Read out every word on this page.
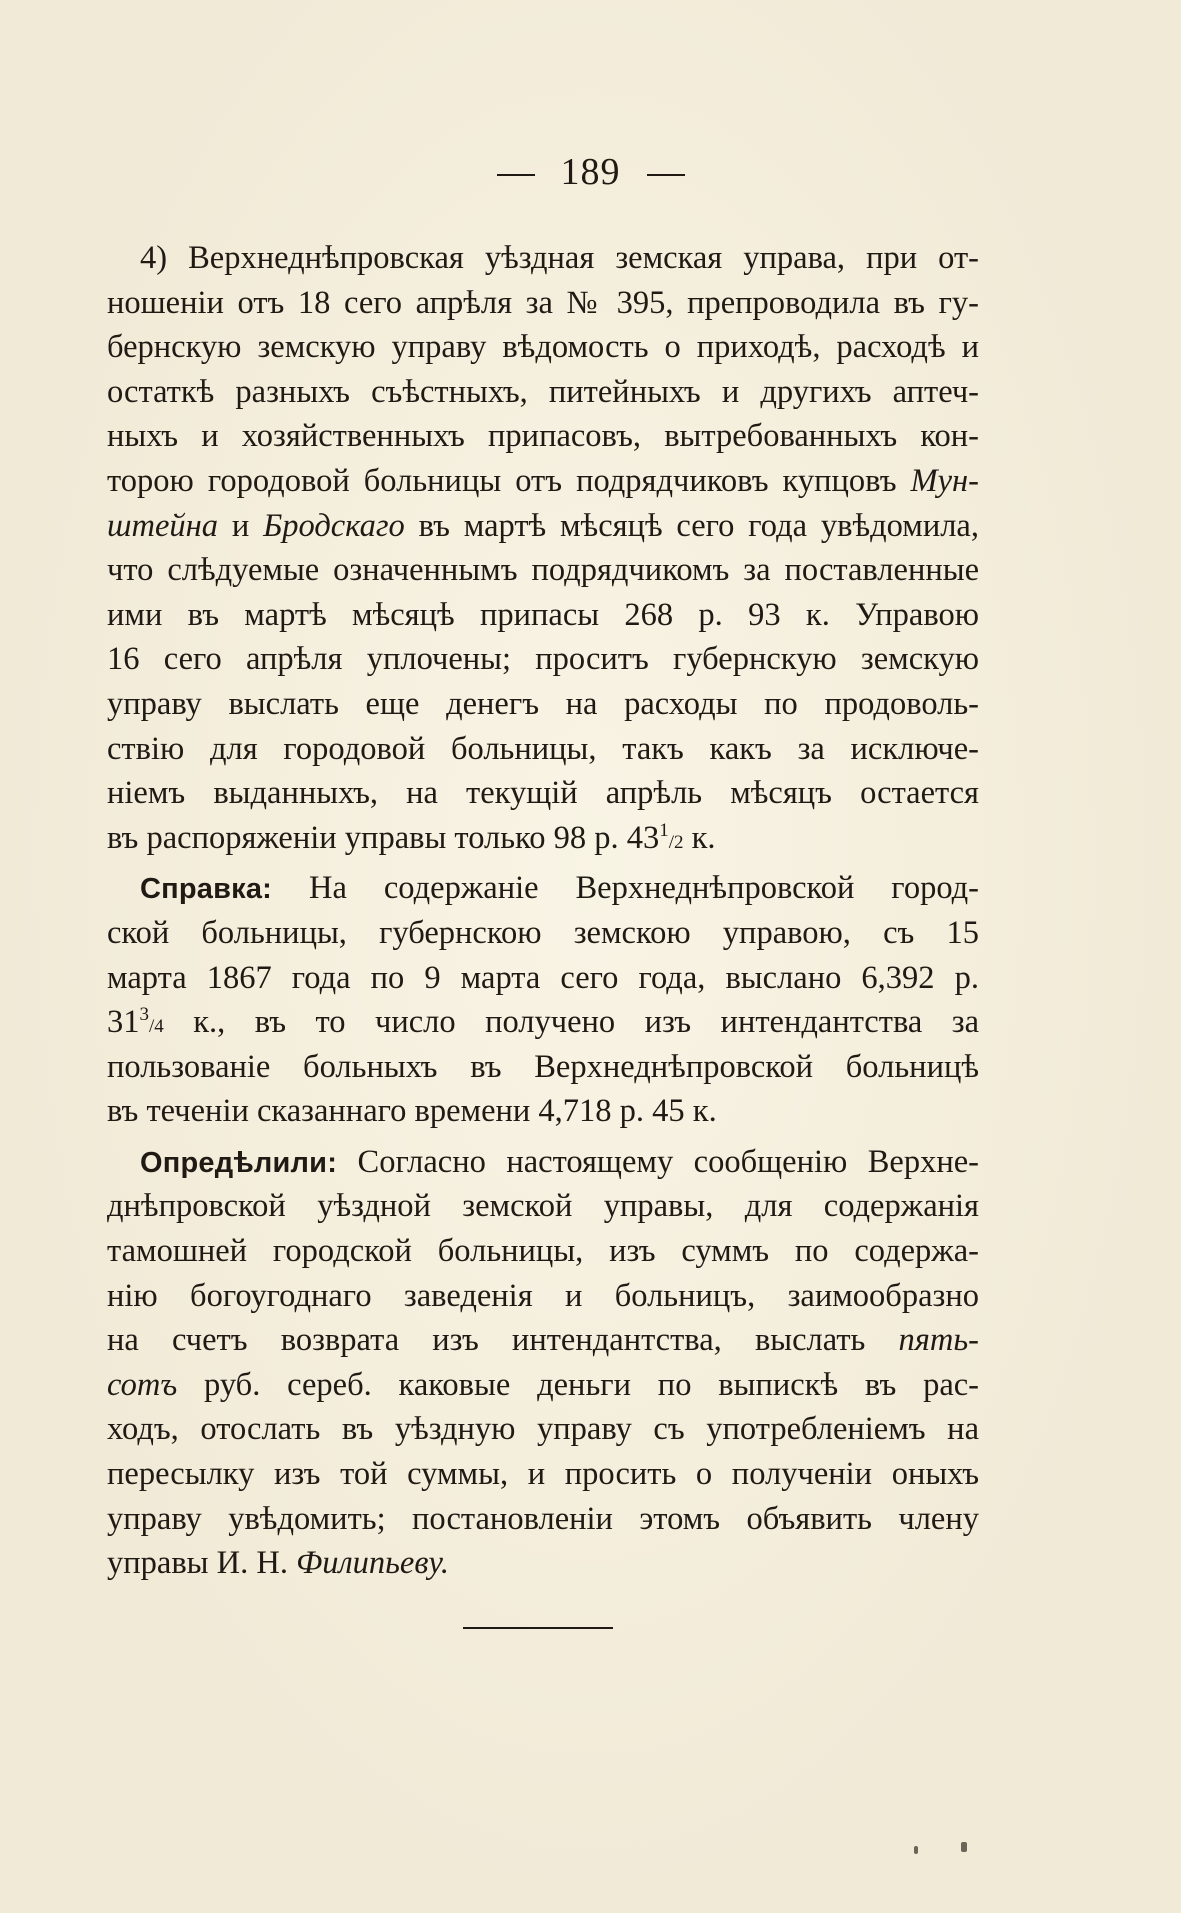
189
4) Верхнеднѣпровская уѣздная земская управа, при от-
ношенiи отъ 18 сего апрѣля за № 395, препроводила въ гу-
бернскую земскую управу вѣдомость о приходѣ, расходѣ и
остаткѣ разныхъ съѣстныхъ, питейныхъ и другихъ аптеч-
ныхъ и хозяйственныхъ припасовъ, вытребованныхъ кон-
торою городовой больницы отъ подрядчиковъ купцовъ Мун-
штейна и Бродскаго въ мартѣ мѣсяцѣ сего года увѣдомила,
что слѣдуемые означеннымъ подрядчикомъ за поставленные
ими въ мартѣ мѣсяцѣ припасы 268 р. 93 к. Управою
16 сего апрѣля уплочены; проситъ губернскую земскую
управу выслать еще денегъ на расходы по продоволь-
ствiю для городовой больницы, такъ какъ за исключе-
нiемъ выданныхъ, на текущiй апрѣль мѣсяцъ остается
въ распоряженiи управы только 98 р. $43^1/2$ к.
Справка: На содержанiе Верхнеднѣпровской город-
ской больницы, губернскою земскою управою, съ 15
марта 1867 года по 9 марта сего года, выслано 6,392 р.
$31^3/4$ к., въ то число получено изъ интендантства за
пользованiе больныхъ въ Верхнеднѣпровской больницѣ
въ теченiи сказаннаго времени 4,718 р. 45 к.
Опредѣлили: Согласно настоящему сообщенiю Верхне-
днѣпровской уѣздной земской управы, для содержанiя
тамошней городской больницы, изъ суммъ по содержа-
нiю богоугоднаго заведенiя и больницъ, заимообразно
на счетъ возврата изъ интендантства, выслать пять-
сотъ руб. сереб. каковые деньги по выпискѣ въ рас-
ходъ, отослать въ уѣздную управу съ употребленiемъ на
пересылку изъ той суммы, и просить о полученiи оныхъ
управу увѣдомить; постановленiи этомъ объявить члену
управы И. Н. Филипьеву.
